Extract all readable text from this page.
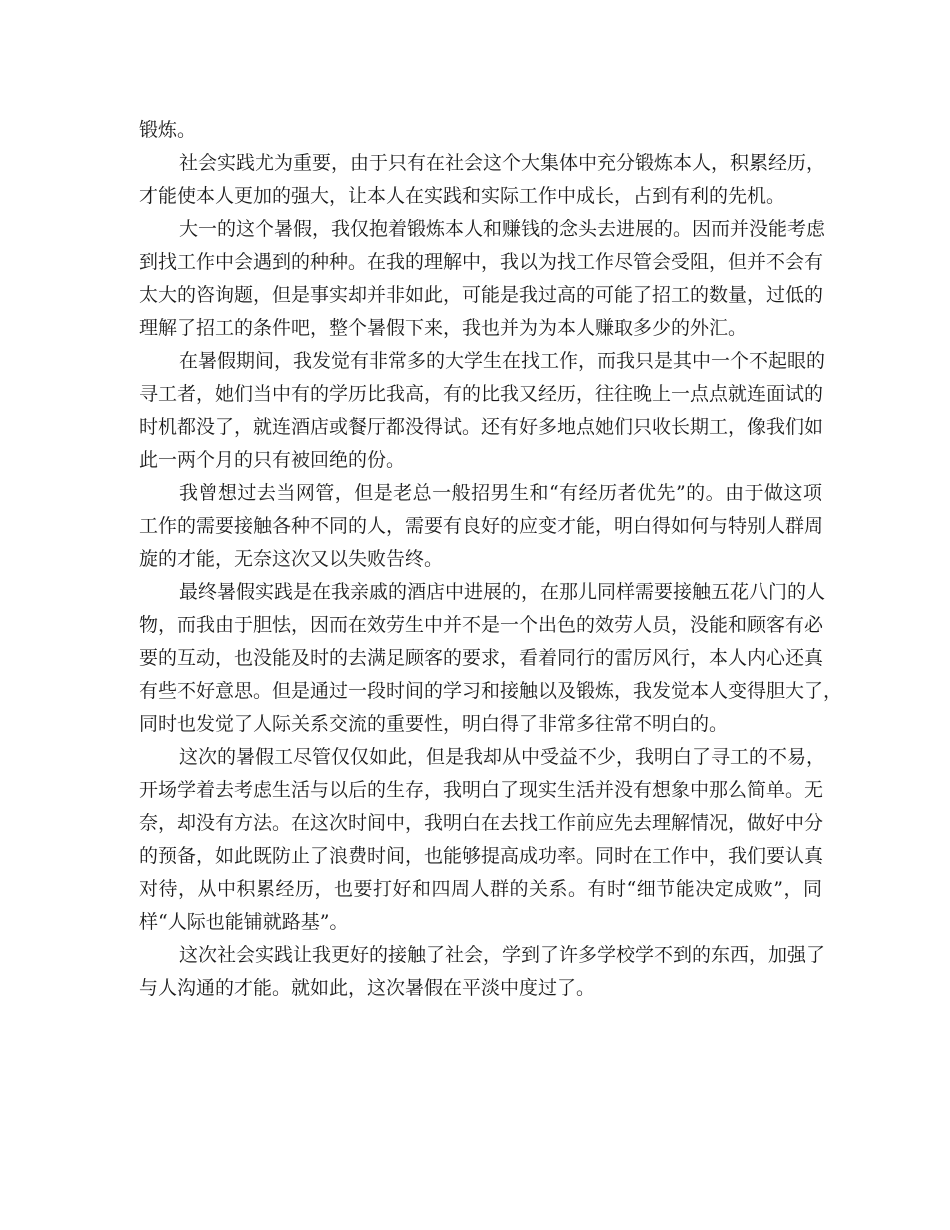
锻炼。
社会实践尤为重要，由于只有在社会这个大集体中充分锻炼本人，积累经历，
才能使本人更加的强大，让本人在实践和实际工作中成长，占到有利的先机。
大一的这个暑假，我仅抱着锻炼本人和赚钱的念头去进展的。因而并没能考虑
到找工作中会遇到的种种。在我的理解中，我以为找工作尽管会受阻，但并不会有
太大的咨询题，但是事实却并非如此，可能是我过高的可能了招工的数量，过低的
理解了招工的条件吧，整个暑假下来，我也并为为本人赚取多少的外汇。
在暑假期间，我发觉有非常多的大学生在找工作，而我只是其中一个不起眼的
寻工者，她们当中有的学历比我高，有的比我又经历，往往晚上一点点就连面试的
时机都没了，就连酒店或餐厅都没得试。还有好多地点她们只收长期工，像我们如
此一两个月的只有被回绝的份。
我曾想过去当网管，但是老总一般招男生和“有经历者优先”的。由于做这项
工作的需要接触各种不同的人，需要有良好的应变才能，明白得如何与特别人群周
旋的才能，无奈这次又以失败告终。
最终暑假实践是在我亲戚的酒店中进展的，在那儿同样需要接触五花八门的人
物，而我由于胆怯，因而在效劳生中并不是一个出色的效劳人员，没能和顾客有必
要的互动，也没能及时的去满足顾客的要求，看着同行的雷厉风行，本人内心还真
有些不好意思。但是通过一段时间的学习和接触以及锻炼，我发觉本人变得胆大了，
同时也发觉了人际关系交流的重要性，明白得了非常多往常不明白的。
这次的暑假工尽管仅仅如此，但是我却从中受益不少，我明白了寻工的不易，
开场学着去考虑生活与以后的生存，我明白了现实生活并没有想象中那么简单。无
奈，却没有方法。在这次时间中，我明白在去找工作前应先去理解情况，做好中分
的预备，如此既防止了浪费时间，也能够提高成功率。同时在工作中，我们要认真
对待，从中积累经历，也要打好和四周人群的关系。有时“细节能决定成败”，同
样“人际也能铺就路基”。
这次社会实践让我更好的接触了社会，学到了许多学校学不到的东西，加强了
与人沟通的才能。就如此，这次暑假在平淡中度过了。
